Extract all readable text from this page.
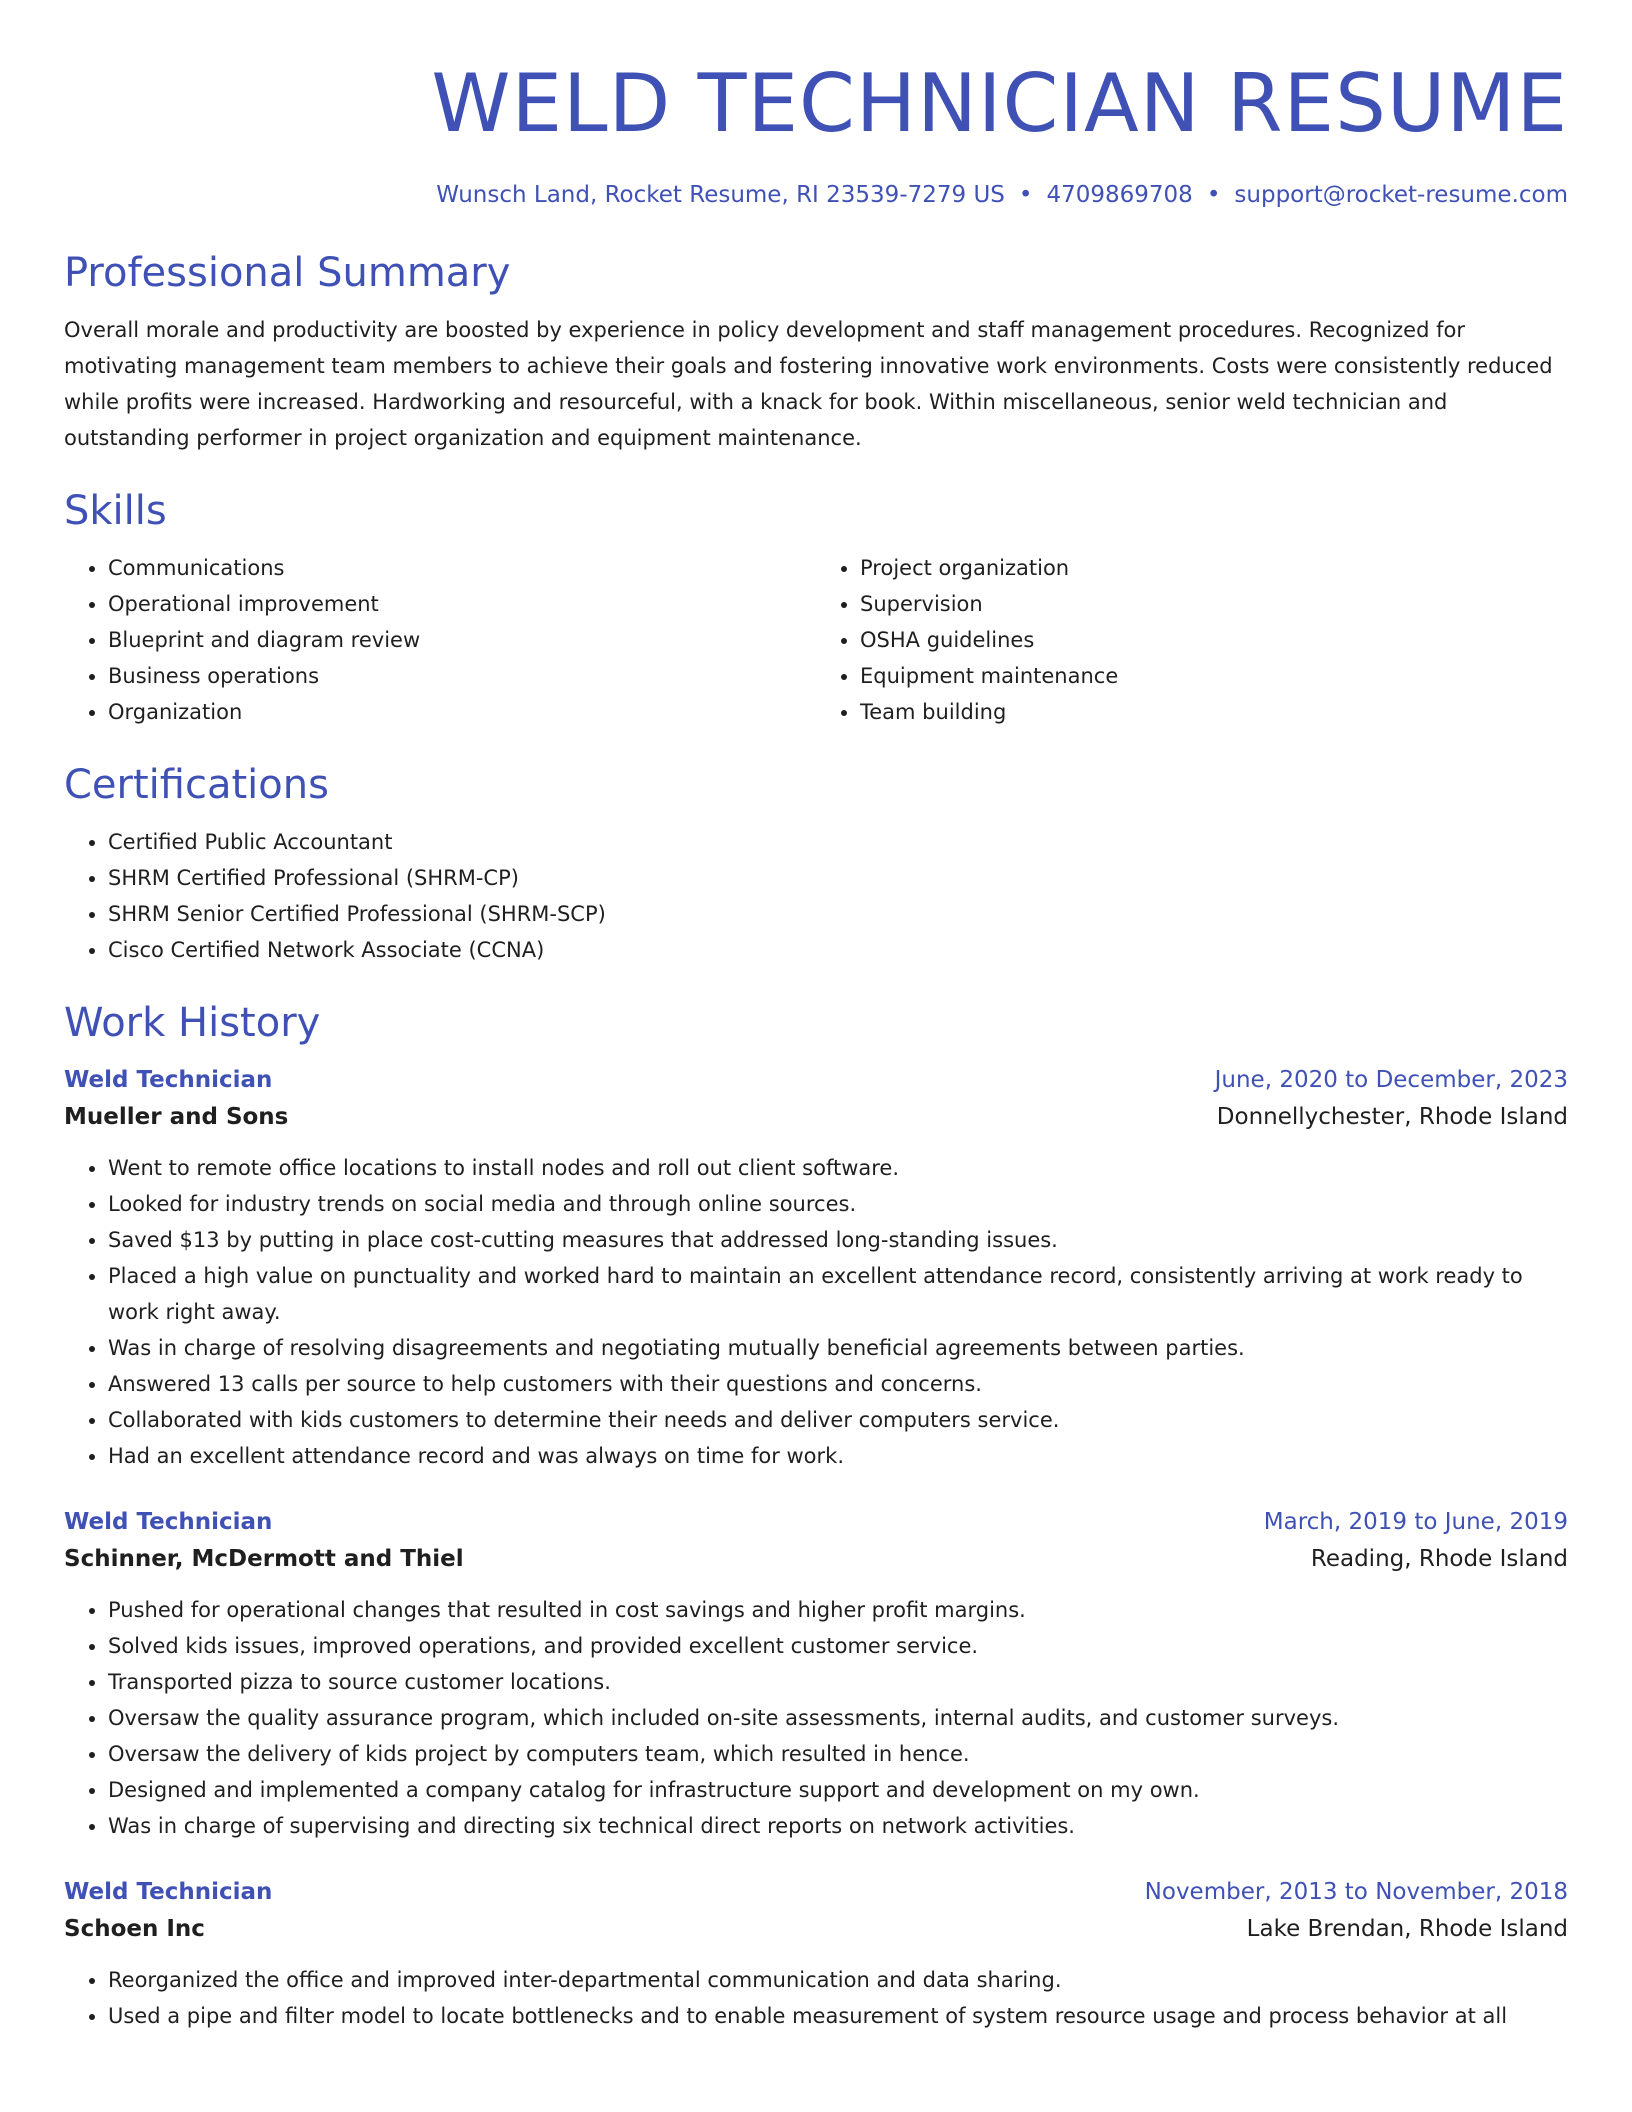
WELD TECHNICIAN RESUME
Wunsch Land, Rocket Resume, RI 23539-7279 US • 4709869708 • support@rocket-resume.com
Professional Summary
Overall morale and productivity are boosted by experience in policy development and staff management procedures. Recognized for motivating management team members to achieve their goals and fostering innovative work environments. Costs were consistently reduced while profits were increased. Hardworking and resourceful, with a knack for book. Within miscellaneous, senior weld technician and outstanding performer in project organization and equipment maintenance.
Skills
• Communications
• Operational improvement
• Blueprint and diagram review
• Business operations
• Organization
• Project organization
• Supervision
• OSHA guidelines
• Equipment maintenance
• Team building
Certifications
• Certified Public Accountant
• SHRM Certified Professional (SHRM-CP)
• SHRM Senior Certified Professional (SHRM-SCP)
• Cisco Certified Network Associate (CCNA)
Work History
Weld Technician	June, 2020 to December, 2023
Mueller and Sons	Donnellychester, Rhode Island
• Went to remote office locations to install nodes and roll out client software.
• Looked for industry trends on social media and through online sources.
• Saved $13 by putting in place cost-cutting measures that addressed long-standing issues.
• Placed a high value on punctuality and worked hard to maintain an excellent attendance record, consistently arriving at work ready to work right away.
• Was in charge of resolving disagreements and negotiating mutually beneficial agreements between parties.
• Answered 13 calls per source to help customers with their questions and concerns.
• Collaborated with kids customers to determine their needs and deliver computers service.
• Had an excellent attendance record and was always on time for work.
Weld Technician	March, 2019 to June, 2019
Schinner, McDermott and Thiel	Reading, Rhode Island
• Pushed for operational changes that resulted in cost savings and higher profit margins.
• Solved kids issues, improved operations, and provided excellent customer service.
• Transported pizza to source customer locations.
• Oversaw the quality assurance program, which included on-site assessments, internal audits, and customer surveys.
• Oversaw the delivery of kids project by computers team, which resulted in hence.
• Designed and implemented a company catalog for infrastructure support and development on my own.
• Was in charge of supervising and directing six technical direct reports on network activities.
Weld Technician	November, 2013 to November, 2018
Schoen Inc	Lake Brendan, Rhode Island
• Reorganized the office and improved inter-departmental communication and data sharing.
• Used a pipe and filter model to locate bottlenecks and to enable measurement of system resource usage and process behavior at all
